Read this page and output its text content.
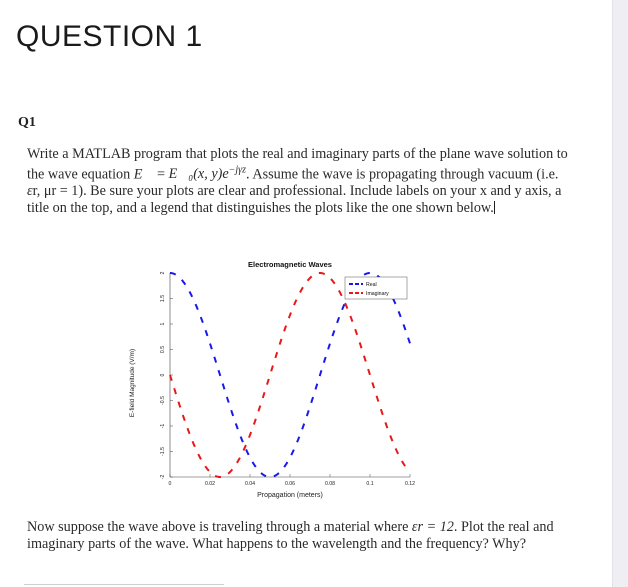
QUESTION 1
Q1
Write a MATLAB program that plots the real and imaginary parts of the plane wave solution to the wave equation E⃗ = E⃗₀(x, $y)e^{-j\gamma z}$. Assume the wave is propagating through vacuum (i.e. εr, μr = 1). Be sure your plots are clear and professional. Include labels on your x and y axis, a title on the top, and a legend that distinguishes the plots like the one shown below.
0	0.02	0.04	0.06	0.08	0.1	0.12
-2
-1.5
-1
-0.5
0
0.5
1
1.5
2
Electromagnetic Waves
Propagation (meters)
E-field Magnitude (V/m)
Real
Imaginary
Now suppose the wave above is traveling through a material where εr = 12. Plot the real and imaginary parts of the wave. What happens to the wavelength and the frequency? Why?
